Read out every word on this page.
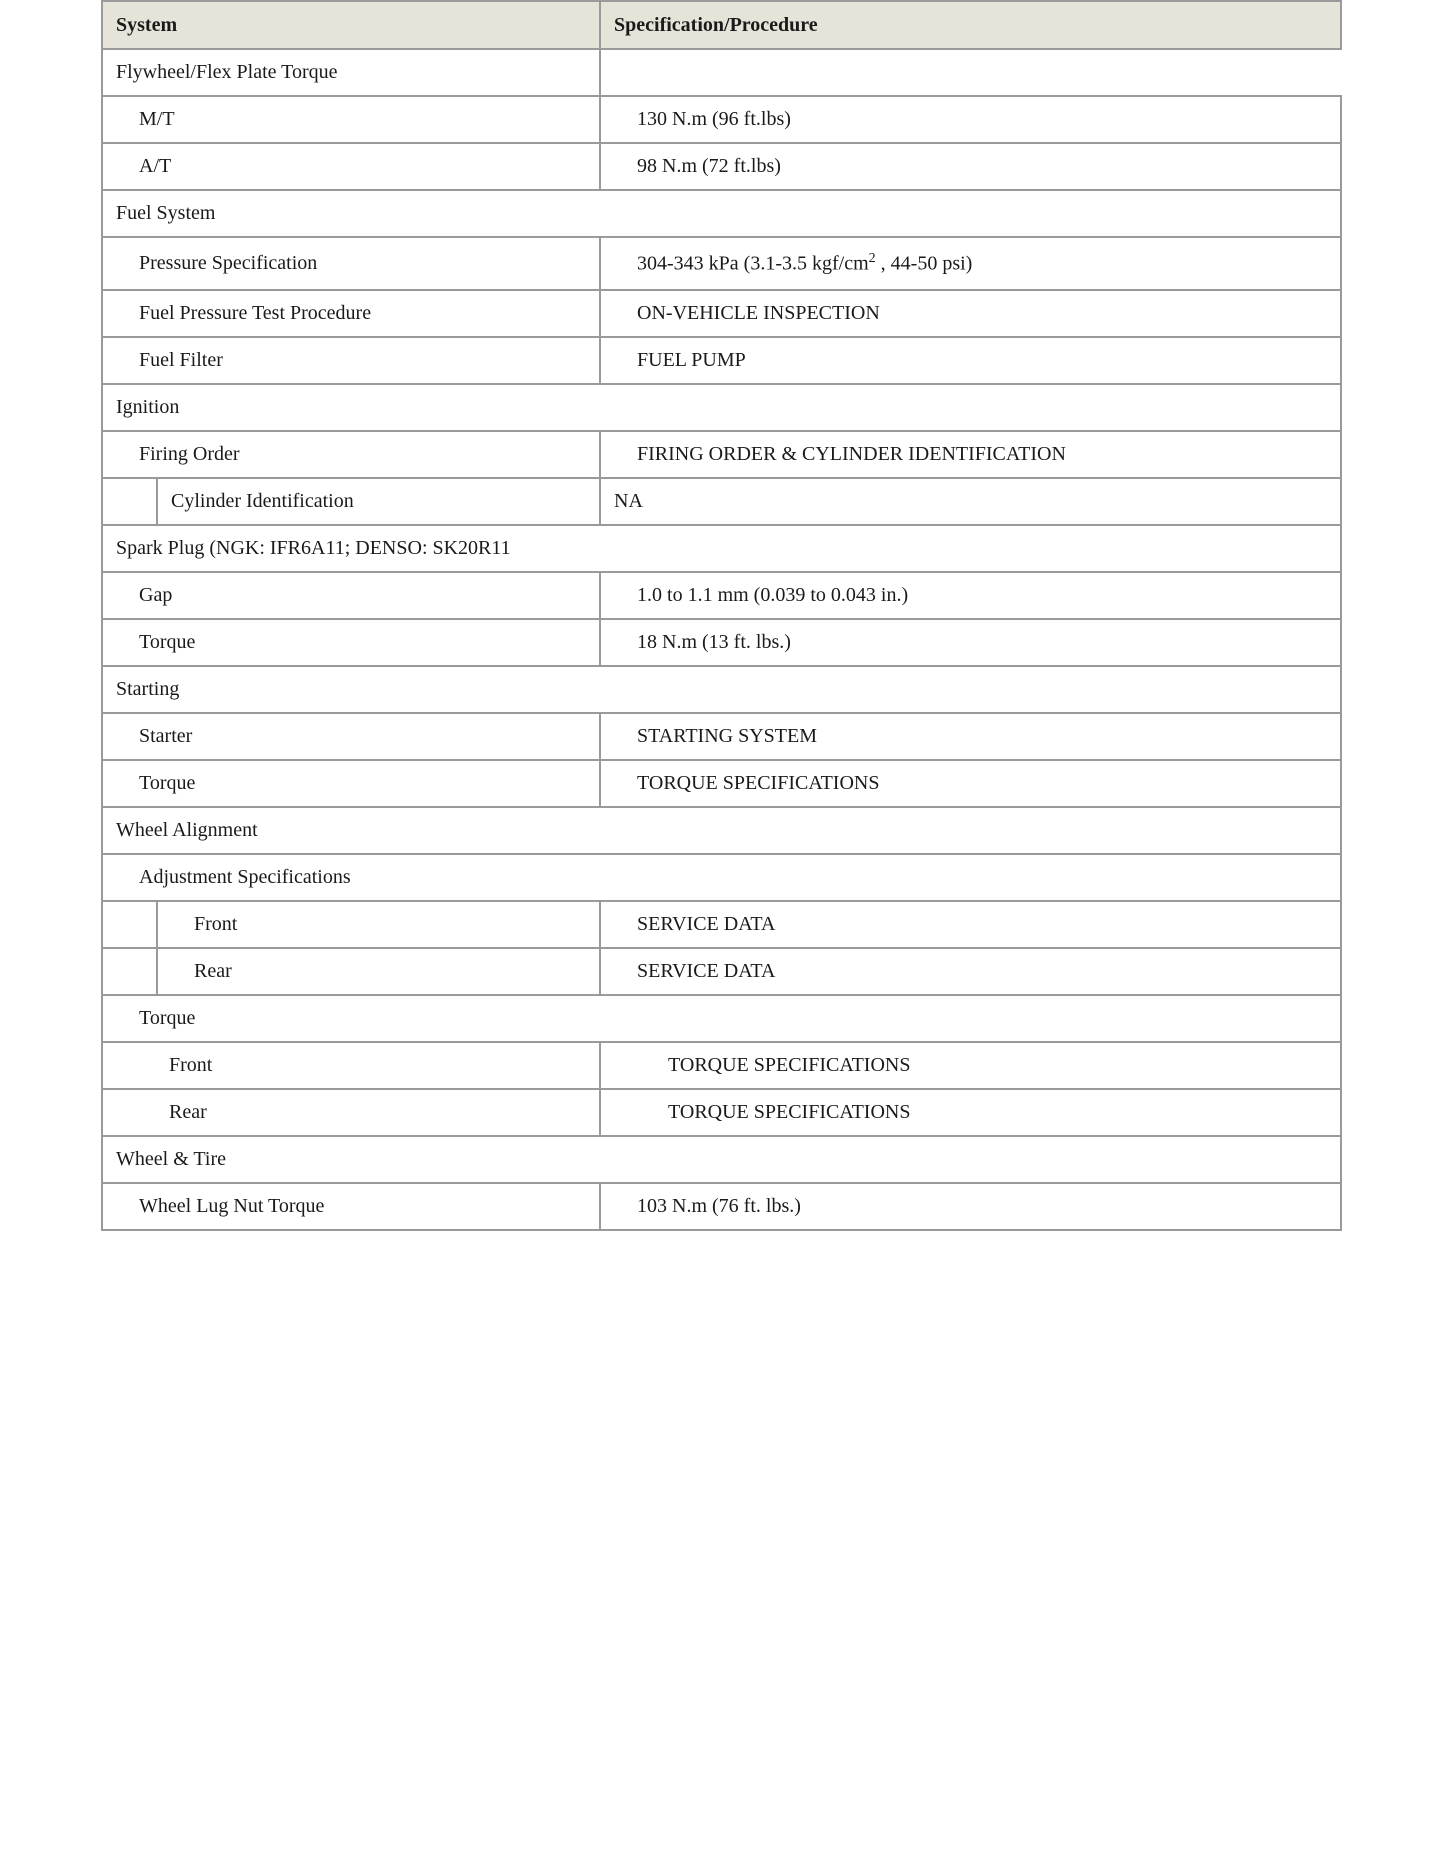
System		Specification/Procedure
Flywheel/Flex Plate Torque		
M/T		130 N.m (96 ft.lbs)
A/T		98 N.m (72 ft.lbs)
Fuel System		
Pressure Specification		304-343 kPa (3.1-3.5 kgf/$cm^2$ , 44-50 psi)
Fuel Pressure Test Procedure		ON-VEHICLE INSPECTION
Fuel Filter		FUEL PUMP
Ignition		
Firing Order		FIRING ORDER & CYLINDER IDENTIFICATION
	Cylinder Identification	NA
Spark Plug (NGK: IFR6A11; DENSO: SK20R11		
Gap		1.0 to 1.1 mm (0.039 to 0.043 in.)
Torque		18 N.m (13 ft. lbs.)
Starting		
Starter		STARTING SYSTEM
Torque		TORQUE SPECIFICATIONS
Wheel Alignment		
Adjustment Specifications		
	Front	SERVICE DATA
	Rear	SERVICE DATA
Torque		
Front		TORQUE SPECIFICATIONS
Rear		TORQUE SPECIFICATIONS
Wheel & Tire		
Wheel Lug Nut Torque		103 N.m (76 ft. lbs.)
